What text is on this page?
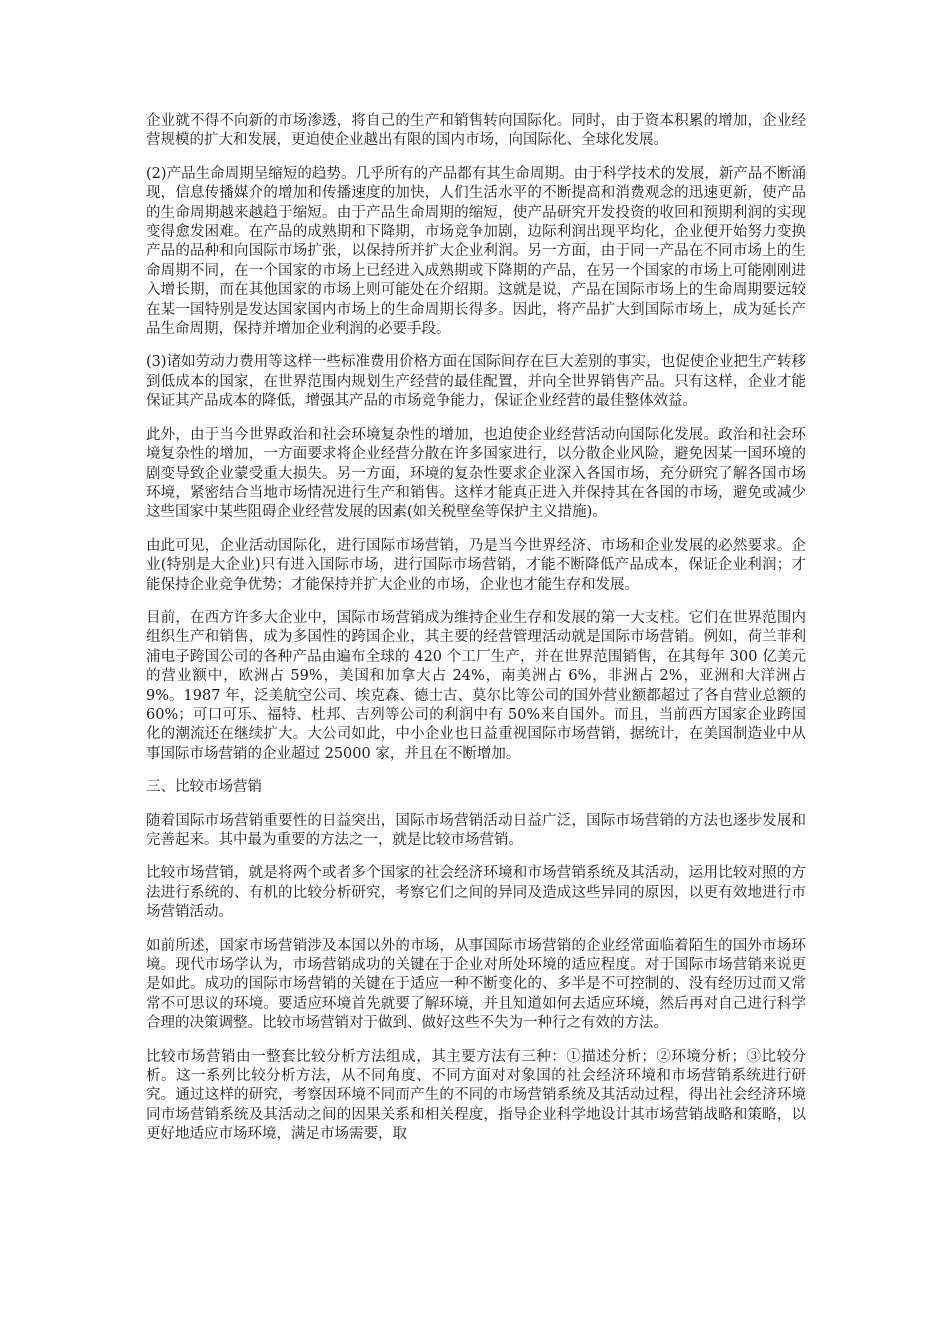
企业就不得不向新的市场渗透，将自己的生产和销售转向国际化。同时，由于资本积累的增加，企业经营规模的扩大和发展，更迫使企业越出有限的国内市场，向国际化、全球化发展。

(2)产品生命周期呈缩短的趋势。几乎所有的产品都有其生命周期。由于科学技术的发展，新产品不断涌现，信息传播媒介的增加和传播速度的加快，人们生活水平的不断提高和消费观念的迅速更新，使产品的生命周期越来越趋于缩短。由于产品生命周期的缩短，使产品研究开发投资的收回和预期利润的实现变得愈发困难。在产品的成熟期和下降期，市场竞争加剧，边际利润出现平均化，企业便开始努力变换产品的品种和向国际市场扩张，以保持所并扩大企业利润。另一方面，由于同一产品在不同市场上的生命周期不同，在一个国家的市场上已经进入成熟期或下降期的产品，在另一个国家的市场上可能刚刚进入增长期，而在其他国家的市场上则可能处在介绍期。这就是说，产品在国际市场上的生命周期要远较在某一国特别是发达国家国内市场上的生命周期长得多。因此，将产品扩大到国际市场上，成为延长产品生命周期，保持并增加企业利润的必要手段。

(3)诸如劳动力费用等这样一些标准费用价格方面在国际间存在巨大差别的事实，也促使企业把生产转移到低成本的国家，在世界范围内规划生产经营的最佳配置，并向全世界销售产品。只有这样，企业才能保证其产品成本的降低，增强其产品的市场竞争能力，保证企业经营的最佳整体效益。

此外，由于当今世界政治和社会环境复杂性的增加，也迫使企业经营活动向国际化发展。政治和社会环境复杂性的增加，一方面要求将企业经营分散在许多国家进行，以分散企业风险，避免因某一国环境的剧变导致企业蒙受重大损失。另一方面，环境的复杂性要求企业深入各国市场，充分研究了解各国市场环境，紧密结合当地市场情况进行生产和销售。这样才能真正进入并保持其在各国的市场，避免或减少这些国家中某些阻碍企业经营发展的因素(如关税壁垒等保护主义措施)。

由此可见，企业活动国际化，进行国际市场营销，乃是当今世界经济、市场和企业发展的必然要求。企业(特别是大企业)只有进入国际市场，进行国际市场营销，才能不断降低产品成本，保证企业利润；才能保持企业竞争优势；才能保持并扩大企业的市场，企业也才能生存和发展。

目前，在西方许多大企业中，国际市场营销成为维持企业生存和发展的第一大支柱。它们在世界范围内组织生产和销售，成为多国性的跨国企业，其主要的经营管理活动就是国际市场营销。例如，荷兰菲利浦电子跨国公司的各种产品由遍布全球的 420 个工厂生产，并在世界范围销售，在其每年 300 亿美元的营业额中，欧洲占 59%，美国和加拿大占 24%，南美洲占 6%，非洲占 2%，亚洲和大洋洲占 9%。1987 年，泛美航空公司、埃克森、德士古、莫尔比等公司的国外营业额都超过了各自营业总额的 60%；可口可乐、福特、杜邦、吉列等公司的利润中有 50%来自国外。而且，当前西方国家企业跨国化的潮流还在继续扩大。大公司如此，中小企业也日益重视国际市场营销，据统计，在美国制造业中从事国际市场营销的企业超过 25000 家，并且在不断增加。

三、比较市场营销

随着国际市场营销重要性的日益突出，国际市场营销活动日益广泛，国际市场营销的方法也逐步发展和完善起来。其中最为重要的方法之一，就是比较市场营销。

比较市场营销，就是将两个或者多个国家的社会经济环境和市场营销系统及其活动，运用比较对照的方法进行系统的、有机的比较分析研究，考察它们之间的异同及造成这些异同的原因，以更有效地进行市场营销活动。

如前所述，国家市场营销涉及本国以外的市场，从事国际市场营销的企业经常面临着陌生的国外市场环境。现代市场学认为，市场营销成功的关键在于企业对所处环境的适应程度。对于国际市场营销来说更是如此。成功的国际市场营销的关键在于适应一种不断变化的、多半是不可控制的、没有经历过而又常常不可思议的环境。要适应环境首先就要了解环境，并且知道如何去适应环境，然后再对自己进行科学合理的决策调整。比较市场营销对于做到、做好这些不失为一种行之有效的方法。

比较市场营销由一整套比较分析方法组成，其主要方法有三种：①描述分析；②环境分析；③比较分析。这一系列比较分析方法，从不同角度、不同方面对对象国的社会经济环境和市场营销系统进行研究。通过这样的研究，考察因环境不同而产生的不同的市场营销系统及其活动过程，得出社会经济环境同市场营销系统及其活动之间的因果关系和相关程度，指导企业科学地设计其市场营销战略和策略，以更好地适应市场环境，满足市场需要，取
